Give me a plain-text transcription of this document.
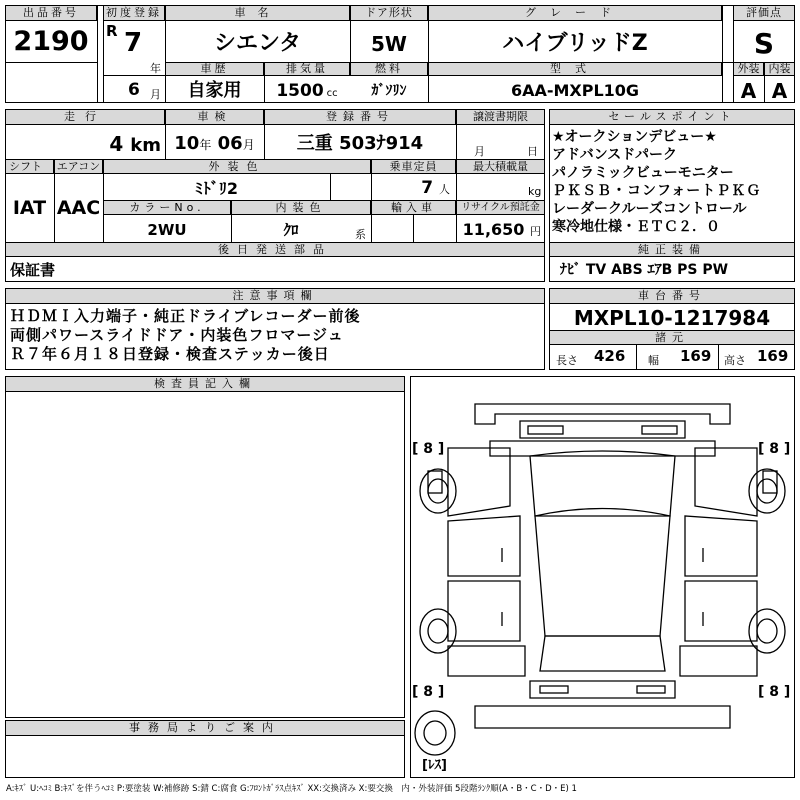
出品番号
2190
初度登録
R 7
年
6 月
車名
シエンタ
ドア形状
5W
グレード
ハイブリッドZ
評価点
S
車歴
自家用
排気量
1500 cc
燃料
ｶﾞｿﾘﾝ
型式
6AA-MXPL10G
外装 内装
A A
走行
4 km
車検
10年 06月
登録番号
三重 503ﾅ914
譲渡書期限
月	日
シフト	エアコン
IAT AAC
外装色
ﾐﾄﾞﾘ2
乗車定員
7 人
最大積載量
kg
カラーNo.
2WU
内装色
ｸﾛ	系
輸入車	リサイクル預託金
11,650 円
後日発送部品
保証書
セールスポイント
★オークションデビュー★
アドバンスドパーク
パノラミックビューモニター
ＰＫＳＢ・コンフォートＰＫＧ
レーダークルーズコントロール
寒冷地仕様・ＥＴＣ２．０
純正装備
ﾅﾋﾞ TV ABS ｴｱB PS PW
注意事項欄
ＨＤＭＩ入力端子・純正ドライブレコーダー前後
両側パワースライドドア・内装色フロマージュ
Ｒ７年６月１８日登録・検査ステッカー後日
車台番号
MXPL10-1217984
諸元
長さ 426 幅 169 高さ 169
検査員記入欄
事務局よりご案内
[ 8 ]	[ 8 ]
[ 8 ]	[ 8 ]
[ﾚｽ]
A:ｷｽﾞ U:ﾍｺﾐ B:ｷｽﾞを伴うﾍｺﾐ P:要塗装 W:補修跡 S:錆 C:腐食 G:ﾌﾛﾝﾄｶﾞﾗｽ点ｷｽﾞ XX:交換済み X:要交換　内・外装評価 5段階ﾗﾝｸ順(A・B・C・D・E) 1
